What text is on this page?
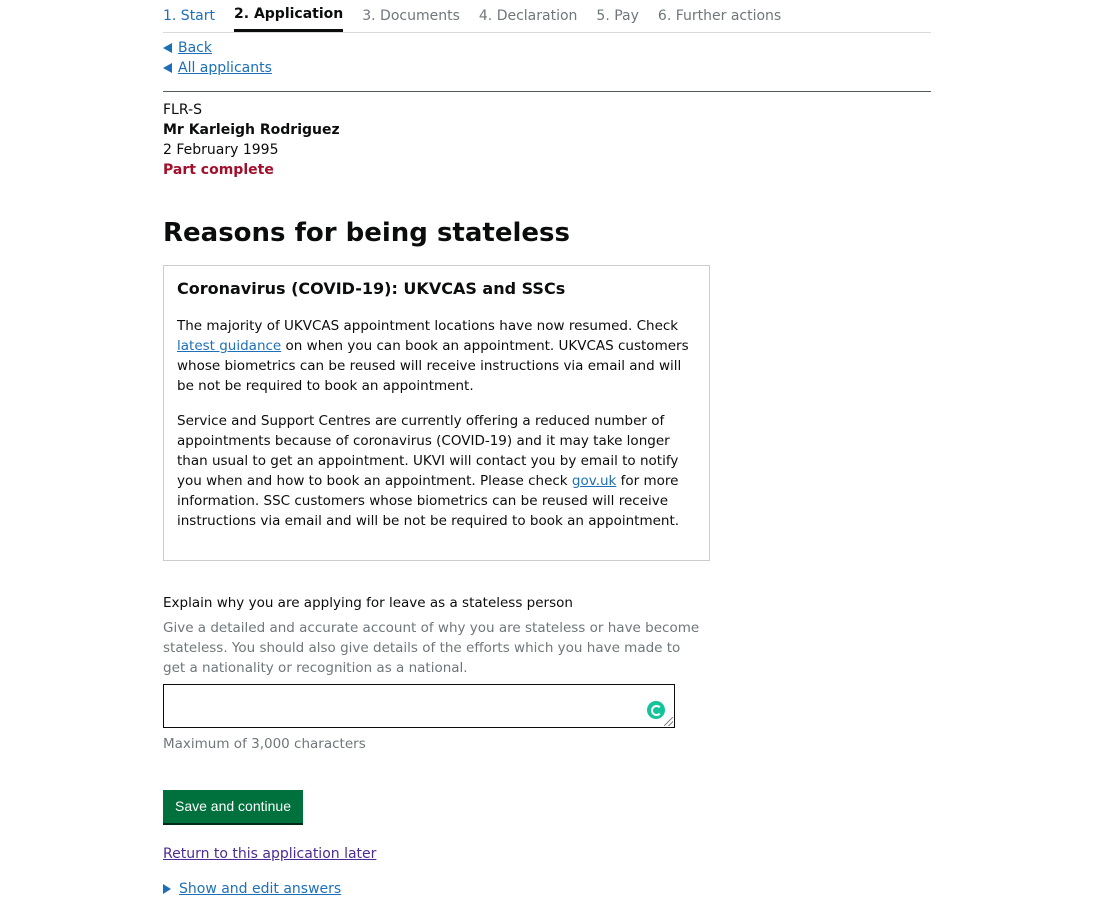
1. Start 2. Application 3. Documents 4. Declaration 5. Pay 6. Further actions
Back
All applicants
FLR-S
Mr Karleigh Rodriguez
2 February 1995
Part complete
Reasons for being stateless
Coronavirus (COVID-19): UKVCAS and SSCs

The majority of UKVCAS appointment locations have now resumed. Check latest guidance on when you can book an appointment. UKVCAS customers whose biometrics can be reused will receive instructions via email and will be not be required to book an appointment.

Service and Support Centres are currently offering a reduced number of appointments because of coronavirus (COVID-19) and it may take longer than usual to get an appointment. UKVI will contact you by email to notify you when and how to book an appointment. Please check gov.uk for more information. SSC customers whose biometrics can be reused will receive instructions via email and will be not be required to book an appointment.

Explain why you are applying for leave as a stateless person
Give a detailed and accurate account of why you are stateless or have become stateless. You should also give details of the efforts which you have made to get a nationality or recognition as a national.
Maximum of 3,000 characters
Save and continue
Return to this application later
Show and edit answers
